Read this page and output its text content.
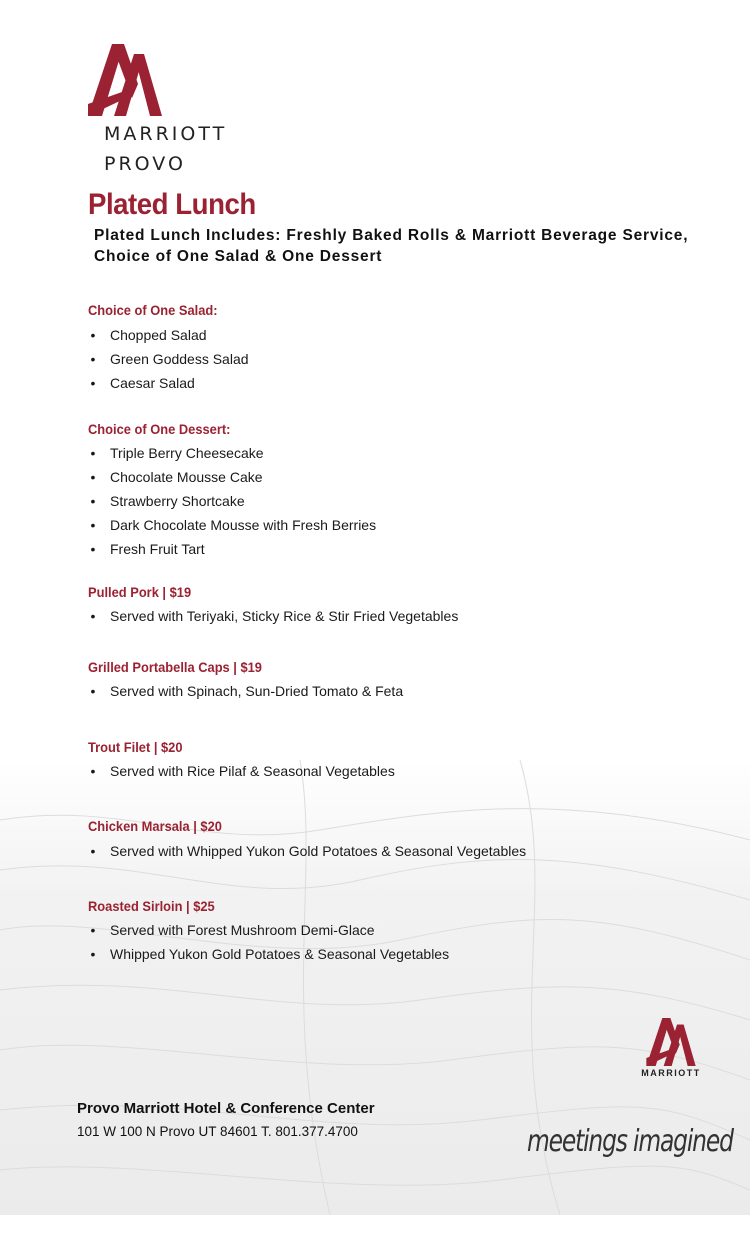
MARRIOTT
PROVO
Plated Lunch
Plated Lunch Includes: Freshly Baked Rolls & Marriott Beverage Service,
Choice of One Salad & One Dessert
Choice of One Salad:
• Chopped Salad
• Green Goddess Salad
• Caesar Salad
Choice of One Dessert:
• Triple Berry Cheesecake
• Chocolate Mousse Cake
• Strawberry Shortcake
• Dark Chocolate Mousse with Fresh Berries
• Fresh Fruit Tart
Pulled Pork | $19
• Served with Teriyaki, Sticky Rice & Stir Fried Vegetables
Grilled Portabella Caps | $19
• Served with Spinach, Sun-Dried Tomato & Feta
Trout Filet | $20
• Served with Rice Pilaf & Seasonal Vegetables
Chicken Marsala | $20
• Served with Whipped Yukon Gold Potatoes & Seasonal Vegetables
Roasted Sirloin | $25
• Served with Forest Mushroom Demi-Glace
• Whipped Yukon Gold Potatoes & Seasonal Vegetables
MARRIOTT
Provo Marriott Hotel & Conference Center
101 W 100 N Provo UT 84601 T. 801.377.4700	meetings imagined
